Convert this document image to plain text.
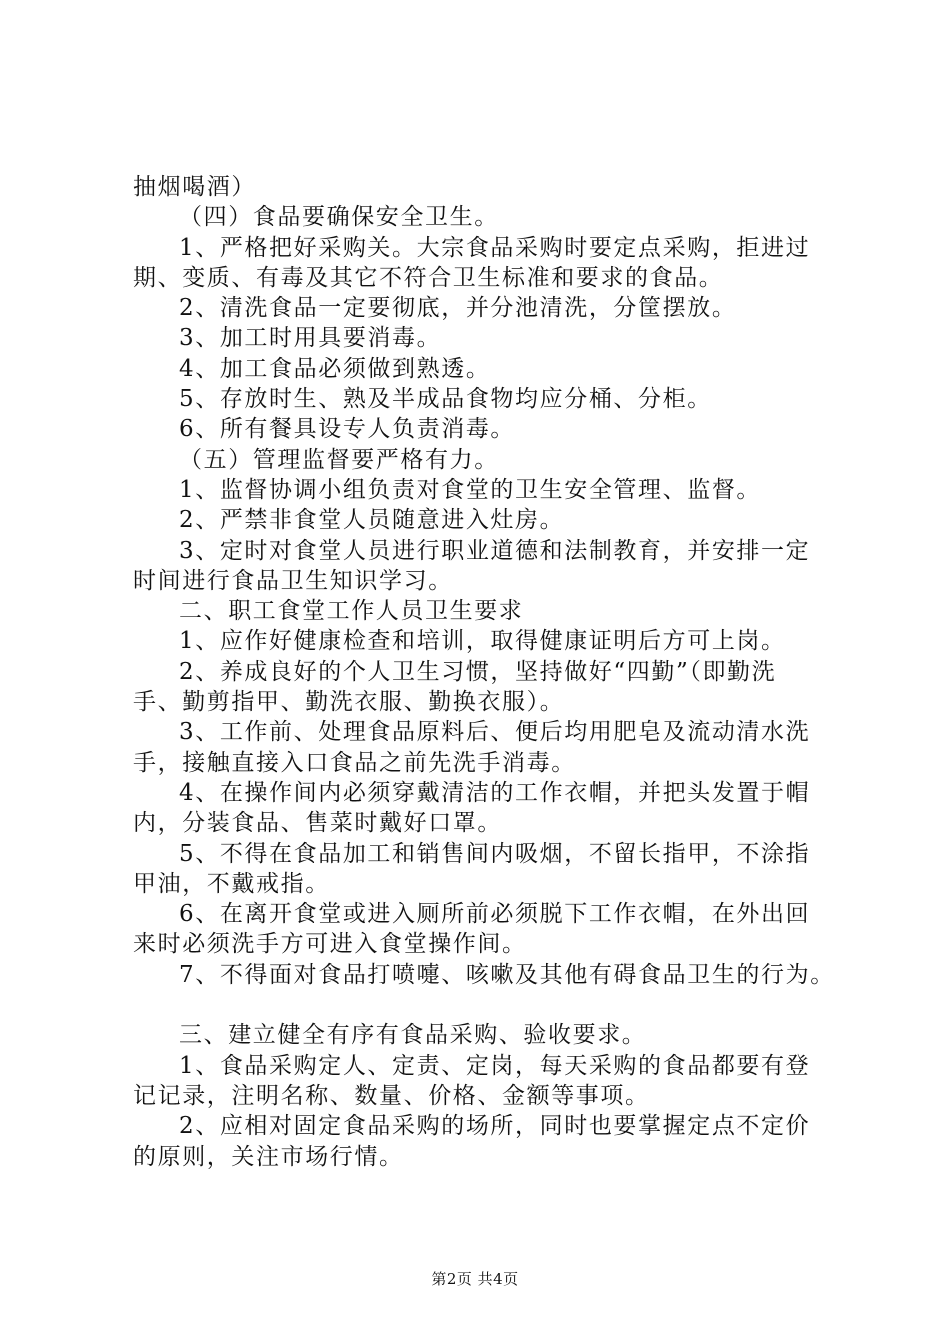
抽烟喝酒）
（四）食品要确保安全卫生。
1、严格把好采购关。大宗食品采购时要定点采购，拒进过
期、变质、有毒及其它不符合卫生标准和要求的食品。
2、清洗食品一定要彻底，并分池清洗，分筐摆放。
3、加工时用具要消毒。
4、加工食品必须做到熟透。
5、存放时生、熟及半成品食物均应分桶、分柜。
6、所有餐具设专人负责消毒。
（五）管理监督要严格有力。
1、监督协调小组负责对食堂的卫生安全管理、监督。
2、严禁非食堂人员随意进入灶房。
3、定时对食堂人员进行职业道德和法制教育，并安排一定
时间进行食品卫生知识学习。
二、职工食堂工作人员卫生要求
1、应作好健康检查和培训，取得健康证明后方可上岗。
2、养成良好的个人卫生习惯，坚持做好“四勤”（即勤洗
手、勤剪指甲、勤洗衣服、勤换衣服）。
3、工作前、处理食品原料后、便后均用肥皂及流动清水洗
手，接触直接入口食品之前先洗手消毒。
4、在操作间内必须穿戴清洁的工作衣帽，并把头发置于帽
内，分装食品、售菜时戴好口罩。
5、不得在食品加工和销售间内吸烟，不留长指甲，不涂指
甲油，不戴戒指。
6、在离开食堂或进入厕所前必须脱下工作衣帽，在外出回
来时必须洗手方可进入食堂操作间。
7、不得面对食品打喷嚏、咳嗽及其他有碍食品卫生的行为。
三、建立健全有序有食品采购、验收要求。
1、食品采购定人、定责、定岗，每天采购的食品都要有登
记记录，注明名称、数量、价格、金额等事项。
2、应相对固定食品采购的场所，同时也要掌握定点不定价
的原则，关注市场行情。
第2页 共4页
